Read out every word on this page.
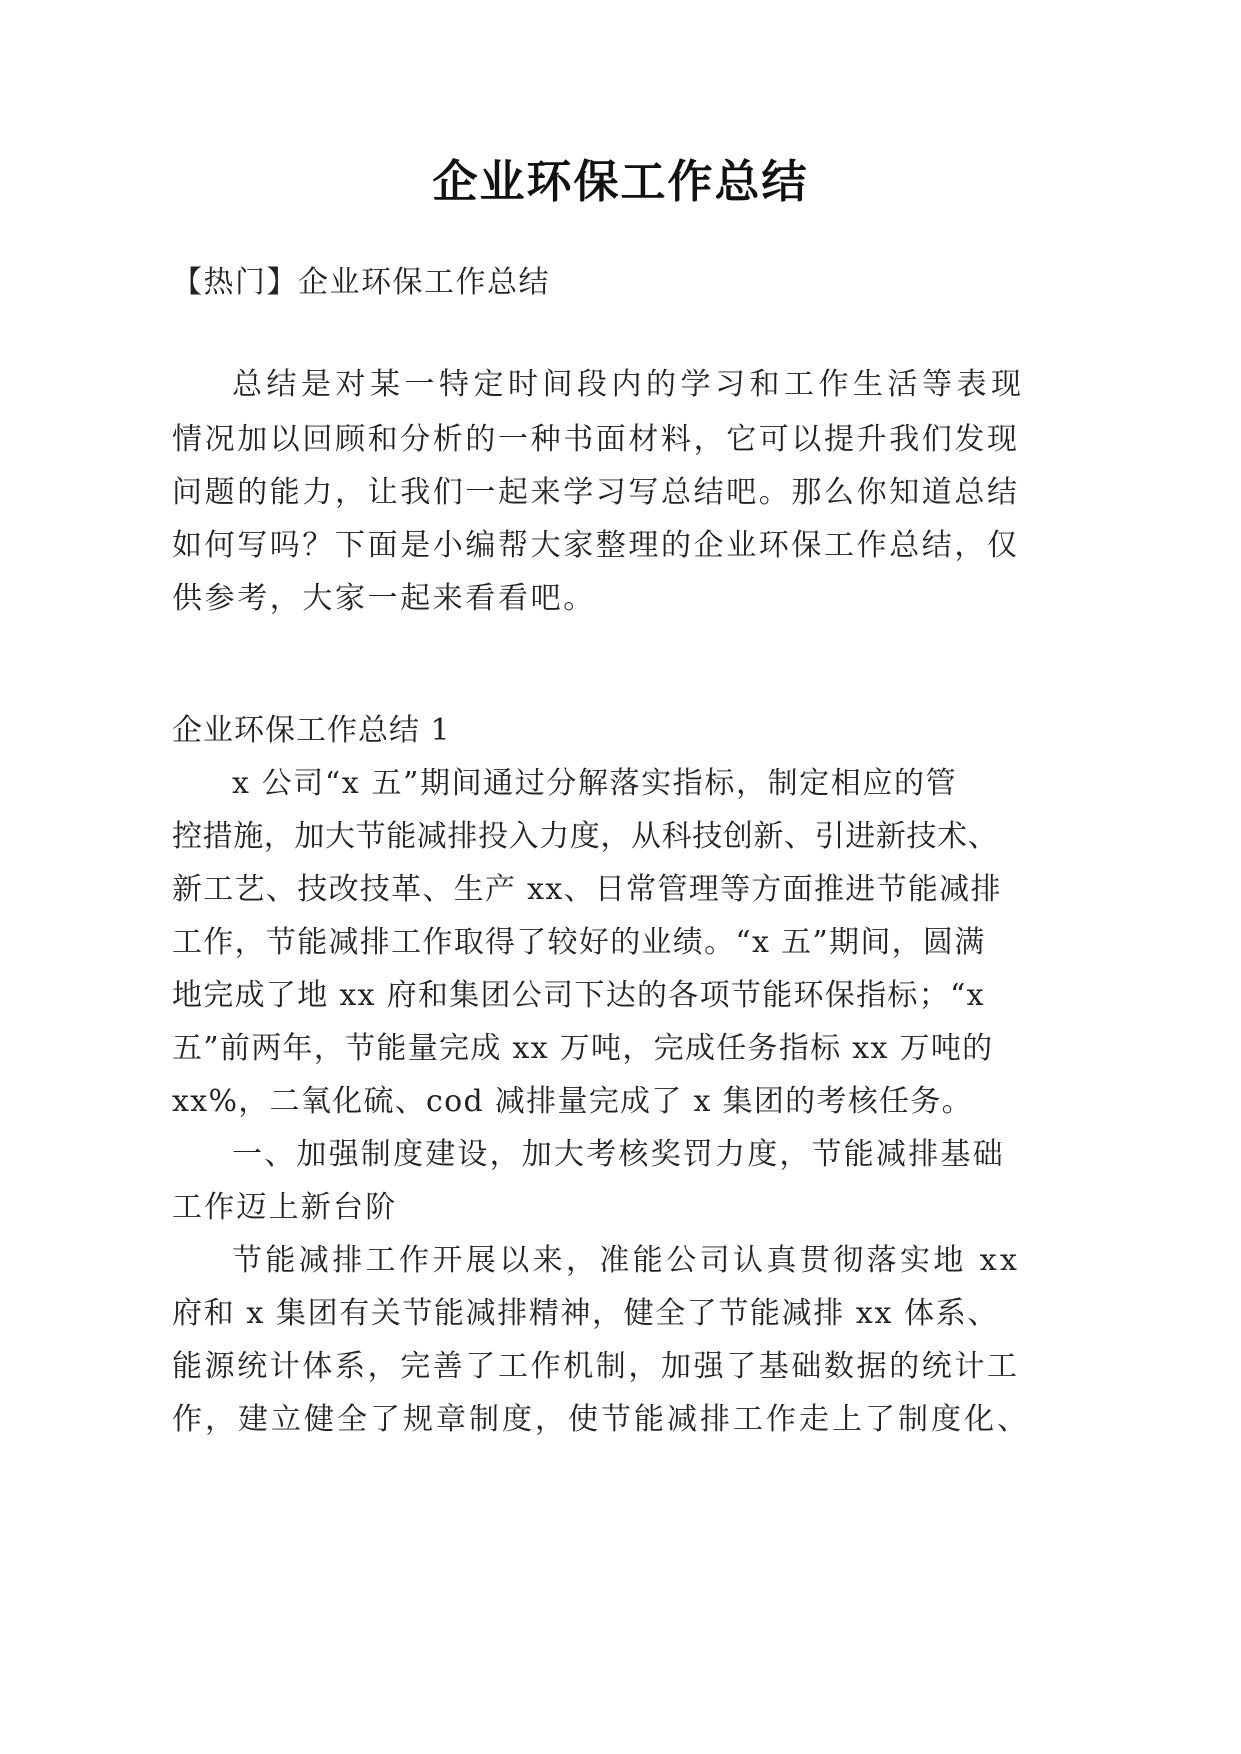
企业环保工作总结

【热门】企业环保工作总结

总结是对某一特定时间段内的学习和工作生活等表现

情况加以回顾和分析的一种书面材料，它可以提升我们发现

问题的能力，让我们一起来学习写总结吧。那么你知道总结

如何写吗？下面是小编帮大家整理的企业环保工作总结，仅

供参考，大家一起来看看吧。

企业环保工作总结 1

x 公司“x 五”期间通过分解落实指标，制定相应的管

控措施，加大节能减排投入力度，从科技创新、引进新技术、

新工艺、技改技革、生产 xx、日常管理等方面推进节能减排

工作，节能减排工作取得了较好的业绩。“x 五”期间，圆满

地完成了地 xx 府和集团公司下达的各项节能环保指标；“x

五”前两年，节能量完成 xx 万吨，完成任务指标 xx 万吨的

xx%，二氧化硫、cod 减排量完成了 x 集团的考核任务。

一、加强制度建设，加大考核奖罚力度，节能减排基础

工作迈上新台阶

节能减排工作开展以来，准能公司认真贯彻落实地 xx

府和 x 集团有关节能减排精神，健全了节能减排 xx 体系、

能源统计体系，完善了工作机制，加强了基础数据的统计工

作，建立健全了规章制度，使节能减排工作走上了制度化、
